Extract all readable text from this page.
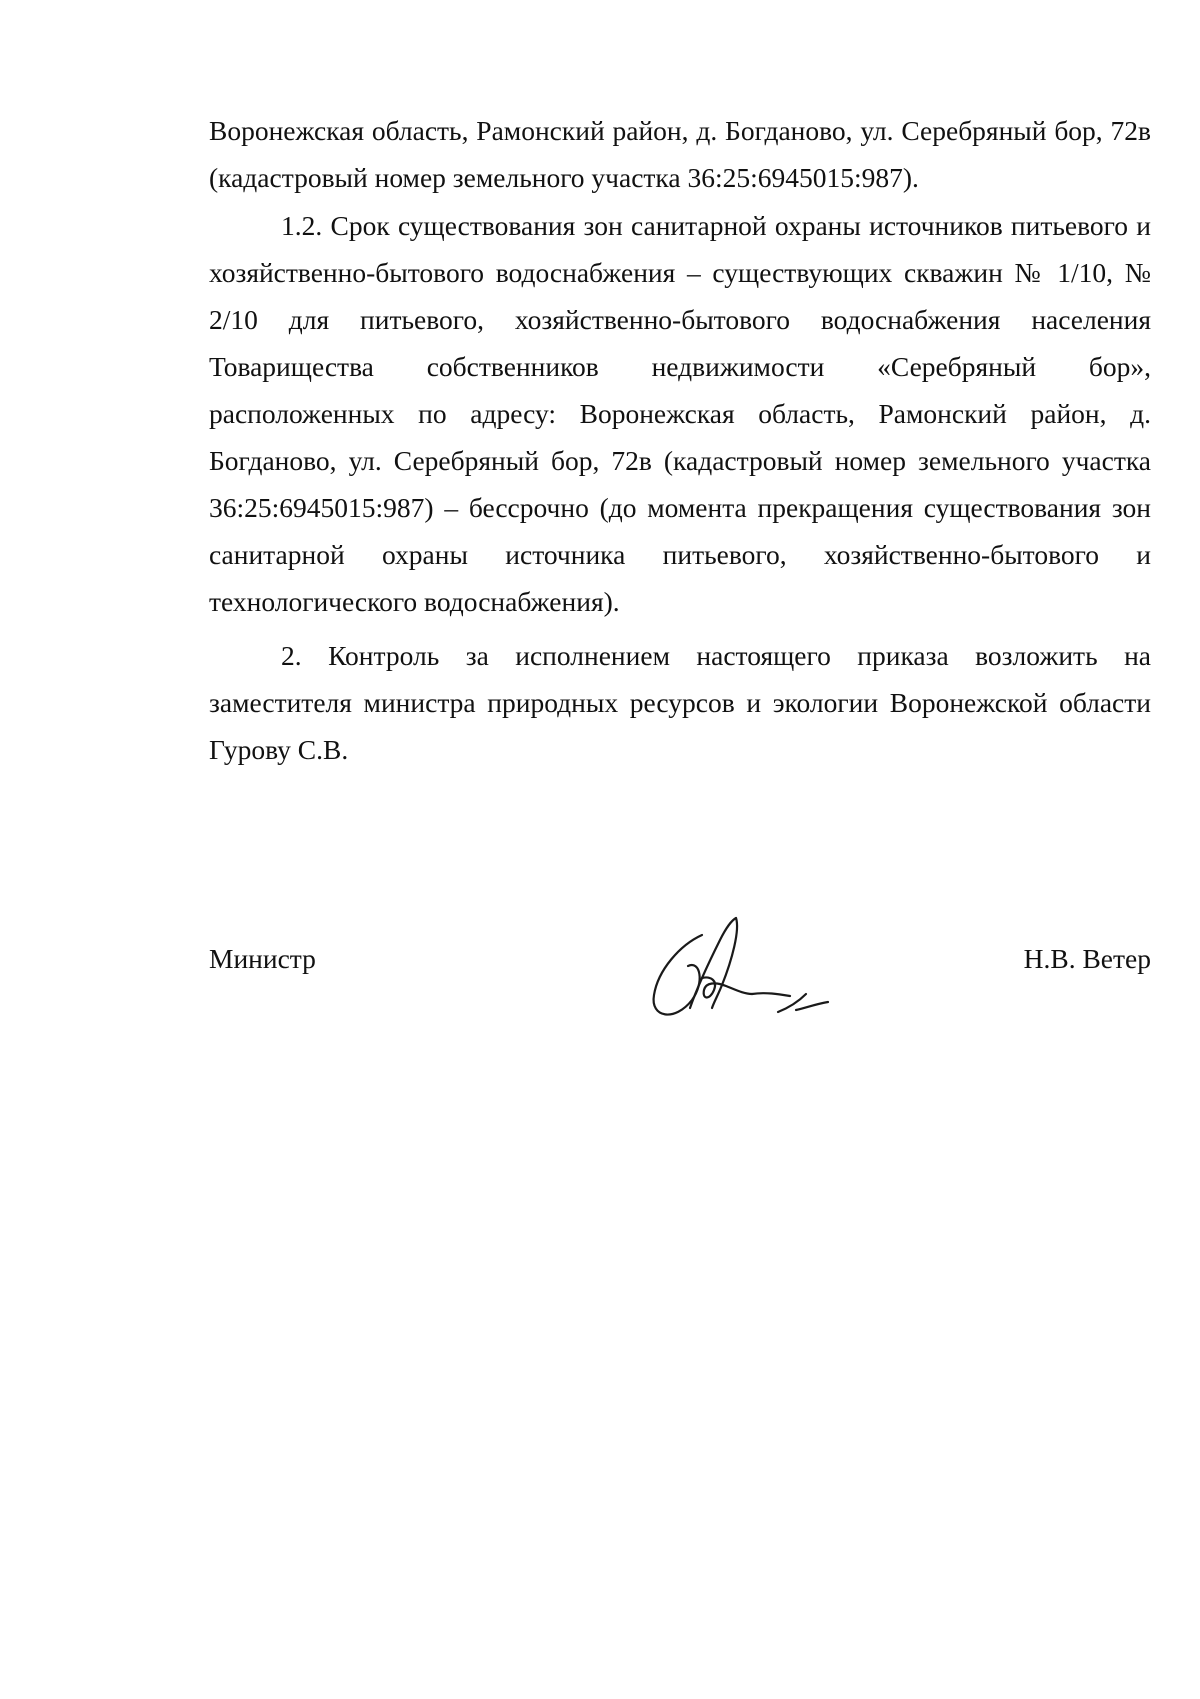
Воронежская область, Рамонский район, д. Богданово, ул. Серебряный бор, 72в (кадастровый номер земельного участка 36:25:6945015:987).

1.2. Срок существования зон санитарной охраны источников питьевого и хозяйственно-бытового водоснабжения – существующих скважин № 1/10, № 2/10 для питьевого, хозяйственно-бытового водоснабжения населения Товарищества собственников недвижимости «Серебряный бор», расположенных по адресу: Воронежская область, Рамонский район, д. Богданово, ул. Серебряный бор, 72в (кадастровый номер земельного участка 36:25:6945015:987) – бессрочно (до момента прекращения существования зон санитарной охраны источника питьевого, хозяйственно-бытового и технологического водоснабжения).

2. Контроль за исполнением настоящего приказа возложить на заместителя министра природных ресурсов и экологии Воронежской области Гурову С.В.

Министр	Н.В. Ветер
